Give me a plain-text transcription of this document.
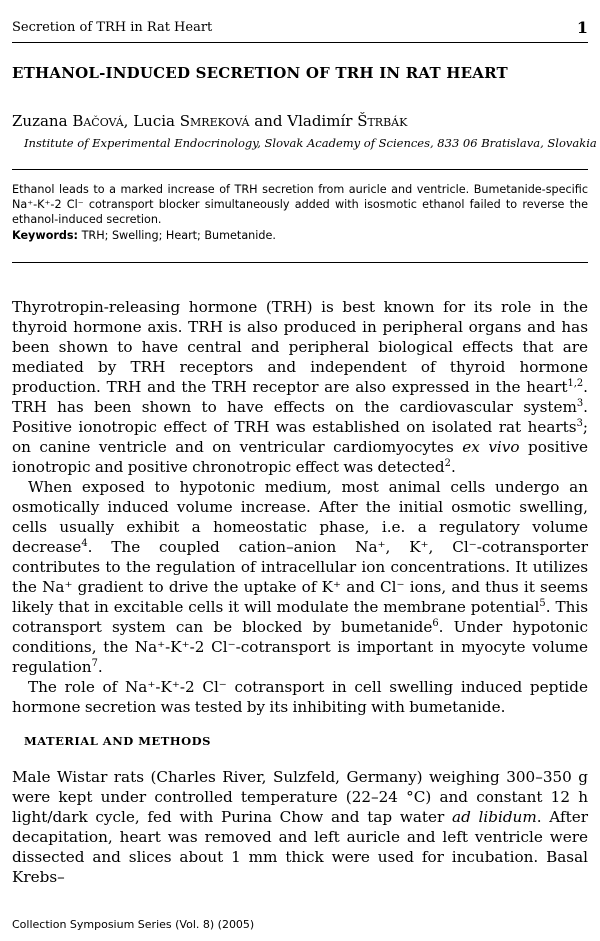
Secretion of TRH in Rat Heart	1
ETHANOL-INDUCED SECRETION OF TRH IN RAT HEART
Zuzana Bačová, Lucia Smreková and Vladimír Štrbák
Institute of Experimental Endocrinology, Slovak Academy of Sciences, 833 06 Bratislava, Slovakia
Ethanol leads to a marked increase of TRH secretion from auricle and ventricle. Bumetanide-specific Na⁺-K⁺-2 Cl⁻ cotransport blocker simultaneously added with isosmotic ethanol failed to reverse the ethanol-induced secretion.
Keywords: TRH; Swelling; Heart; Bumetanide.

Thyrotropin-releasing hormone (TRH) is best known for its role in the thyroid hormone axis. TRH is also produced in peripheral organs and has been shown to have central and peripheral biological effects that are mediated by TRH receptors and independent of thyroid hormone production. TRH and the TRH receptor are also expressed in the heart$^{1,2}$. TRH has been shown to have effects on the cardiovascular system$^3$. Positive ionotropic effect of TRH was established on isolated rat hearts$^3$; on canine ventricle and on ventricular cardiomyocytes ex vivo positive ionotropic and positive chronotropic effect was detected$^2$.

When exposed to hypotonic medium, most animal cells undergo an osmotically induced volume increase. After the initial osmotic swelling, cells usually exhibit a homeostatic phase, i.e. a regulatory volume decrease$^4$. The coupled cation–anion Na⁺, K⁺, Cl⁻-cotransporter contributes to the regulation of intracellular ion concentrations. It utilizes the Na⁺ gradient to drive the uptake of K⁺ and Cl⁻ ions, and thus it seems likely that in excitable cells it will modulate the membrane potential$^5$. This cotransport system can be blocked by bumetanide$^6$. Under hypotonic conditions, the Na⁺-K⁺-2 Cl⁻-cotransport is important in myocyte volume regulation$^7$.

The role of Na⁺-K⁺-2 Cl⁻ cotransport in cell swelling induced peptide hormone secretion was tested by its inhibiting with bumetanide.

MATERIAL AND METHODS

Male Wistar rats (Charles River, Sulzfeld, Germany) weighing 300–350 g were kept under controlled temperature (22–24 °C) and constant 12 h light/dark cycle, fed with Purina Chow and tap water ad libidum. After decapitation, heart was removed and left auricle and left ventricle were dissected and slices about 1 mm thick were used for incubation. Basal Krebs–

Collection Symposium Series (Vol. 8) (2005)
